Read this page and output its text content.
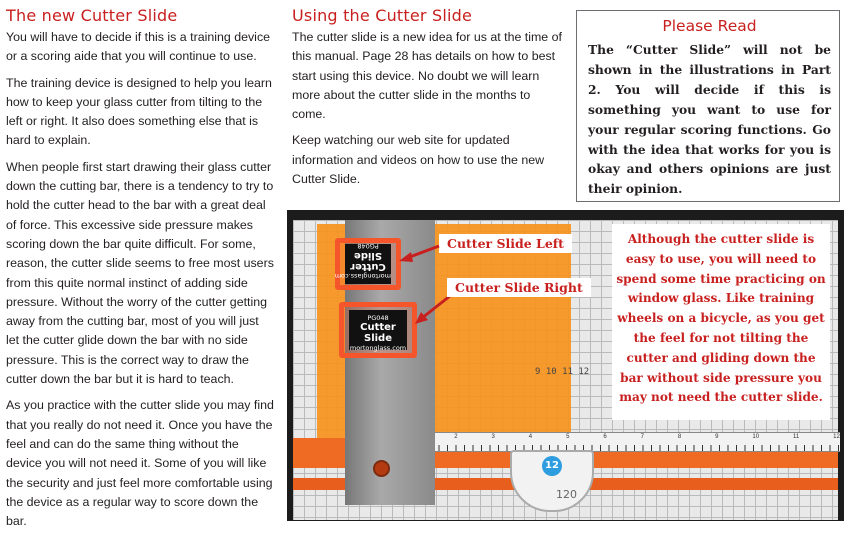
The new Cutter Slide

You will have to decide if this is a training device or a scoring aide that you will continue to use.

The training device is designed to help you learn how to keep your glass cutter from tilting to the left or right. It also does something else that is hard to explain.

When people first start drawing their glass cutter down the cutting bar, there is a tendency to try to hold the cutter head to the bar with a great deal of force. This excessive side pressure makes scoring down the bar quite difficult. For some, reason, the cutter slide seems to free most users from this quite normal instinct of adding side pressure. Without the worry of the cutter getting away from the cutting bar, most of you will just let the cutter glide down the bar with no side pressure. This is the correct way to draw the cutter down the bar but it is hard to teach.

As you practice with the cutter slide you may find that you really do not need it. Once you have the feel and can do the same thing without the device you will not need it. Some of you will like the security and just feel more comfortable using the device as a regular way to score down the bar.

Using the Cutter Slide

The cutter slide is a new idea for us at the time of this manual. Page 28 has details on how to best start using this device. No doubt we will learn more about the cutter slide in the months to come.

Keep watching our web site for updated information and videos on how to use the new Cutter Slide.

Please Read
The “Cutter Slide” will not be shown in the illustrations in Part 2. You will decide if this is something you want to use for your regular scoring functions. Go with the idea that works for you is okay and others opinions are just their opinion.
2	3	4	5	6	7	8	9	10	11	12
9 10 11 12
mortonglass.com
Cutter Slide
PG048
PG048
Cutter Slide
mortonglass.com
Cutter Slide Left
Cutter Slide Right
Although the cutter slide is easy to use, you will need to spend some time practicing on window glass. Like training wheels on a bicycle, as you get the feel for not tilting the cutter and gliding down the bar without side pressure you may not need the cutter slide.
12
120
